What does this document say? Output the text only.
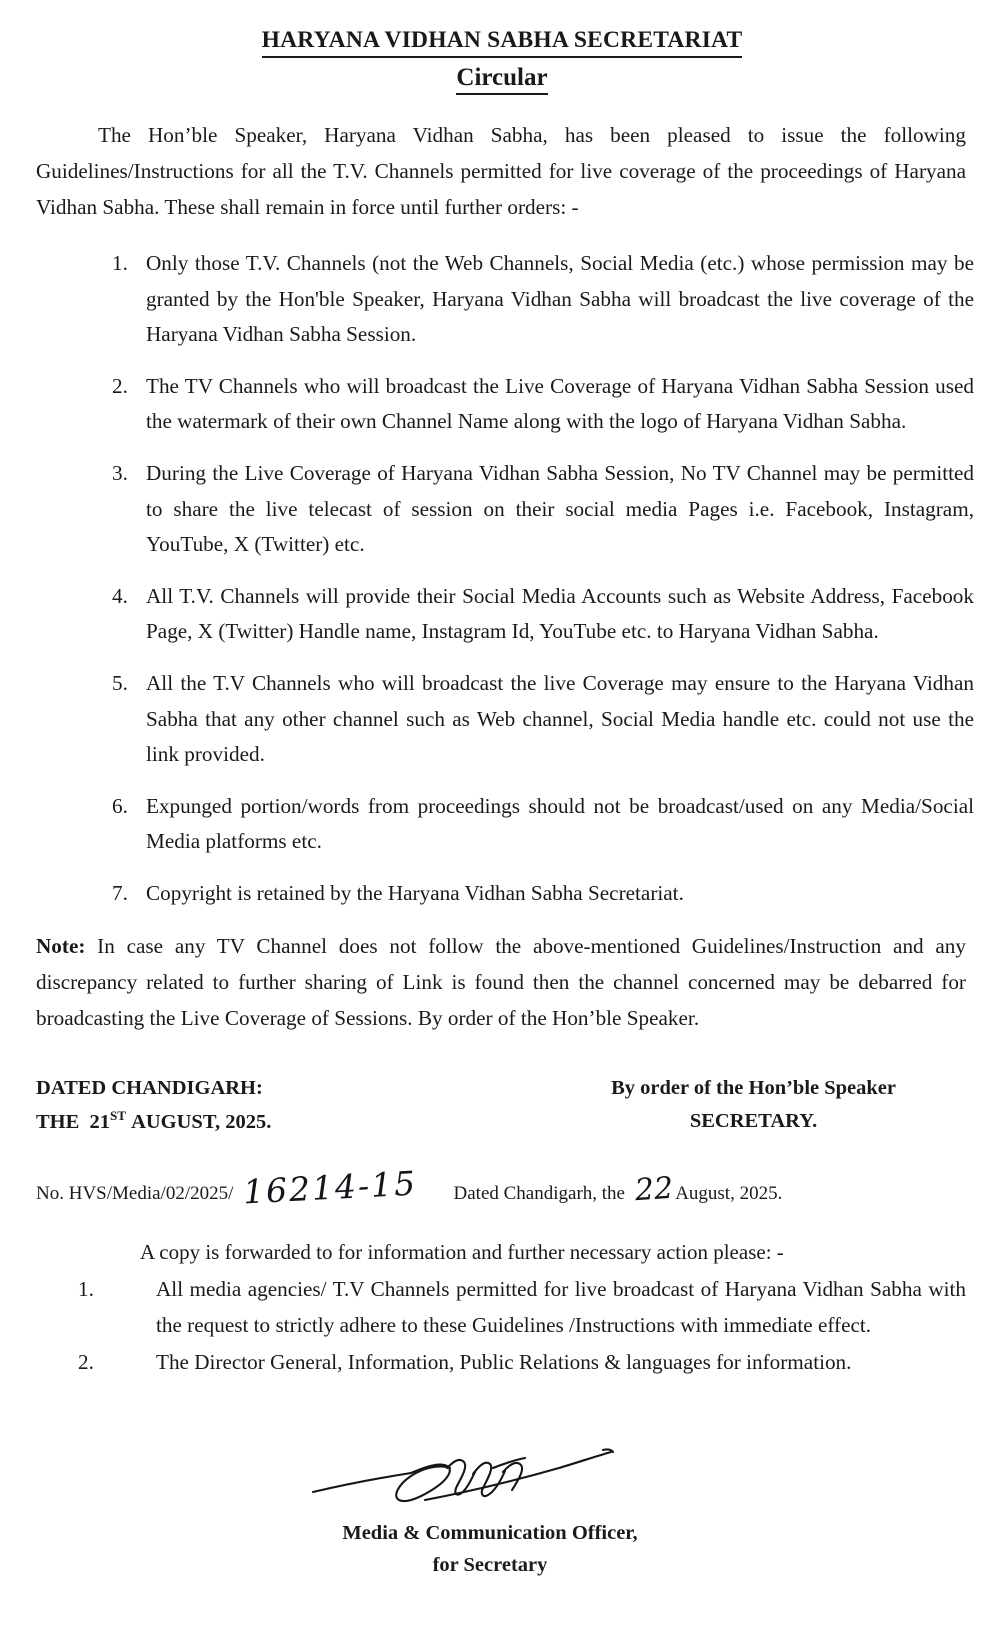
HARYANA VIDHAN SABHA SECRETARIAT
Circular

The Hon’ble Speaker, Haryana Vidhan Sabha, has been pleased to issue the following Guidelines/Instructions for all the T.V. Channels permitted for live coverage of the proceedings of Haryana Vidhan Sabha. These shall remain in force until further orders: -

1. Only those T.V. Channels (not the Web Channels, Social Media (etc.) whose permission may be granted by the Hon'ble Speaker, Haryana Vidhan Sabha will broadcast the live coverage of the Haryana Vidhan Sabha Session.
2. The TV Channels who will broadcast the Live Coverage of Haryana Vidhan Sabha Session used the watermark of their own Channel Name along with the logo of Haryana Vidhan Sabha.
3. During the Live Coverage of Haryana Vidhan Sabha Session, No TV Channel may be permitted to share the live telecast of session on their social media Pages i.e. Facebook, Instagram, YouTube, X (Twitter) etc.
4. All T.V. Channels will provide their Social Media Accounts such as Website Address, Facebook Page, X (Twitter) Handle name, Instagram Id, YouTube etc. to Haryana Vidhan Sabha.
5. All the T.V Channels who will broadcast the live Coverage may ensure to the Haryana Vidhan Sabha that any other channel such as Web channel, Social Media handle etc. could not use the link provided.
6. Expunged portion/words from proceedings should not be broadcast/used on any Media/Social Media platforms etc.
7. Copyright is retained by the Haryana Vidhan Sabha Secretariat.

Note: In case any TV Channel does not follow the above-mentioned Guidelines/Instruction and any discrepancy related to further sharing of Link is found then the channel concerned may be debarred for broadcasting the Live Coverage of Sessions. By order of the Hon’ble Speaker.

DATED CHANDIGARH:
THE 21ST AUGUST, 2025.
By order of the Hon’ble Speaker
SECRETARY.
No. HVS/Media/02/2025/ 16214-15 Dated Chandigarh, the 22 August, 2025.

A copy is forwarded to for information and further necessary action please: -

1.	All media agencies/ T.V Channels permitted for live broadcast of Haryana Vidhan Sabha with the request to strictly adhere to these Guidelines /Instructions with immediate effect.
2.	The Director General, Information, Public Relations & languages for information.
Media & Communication Officer,
for Secretary
